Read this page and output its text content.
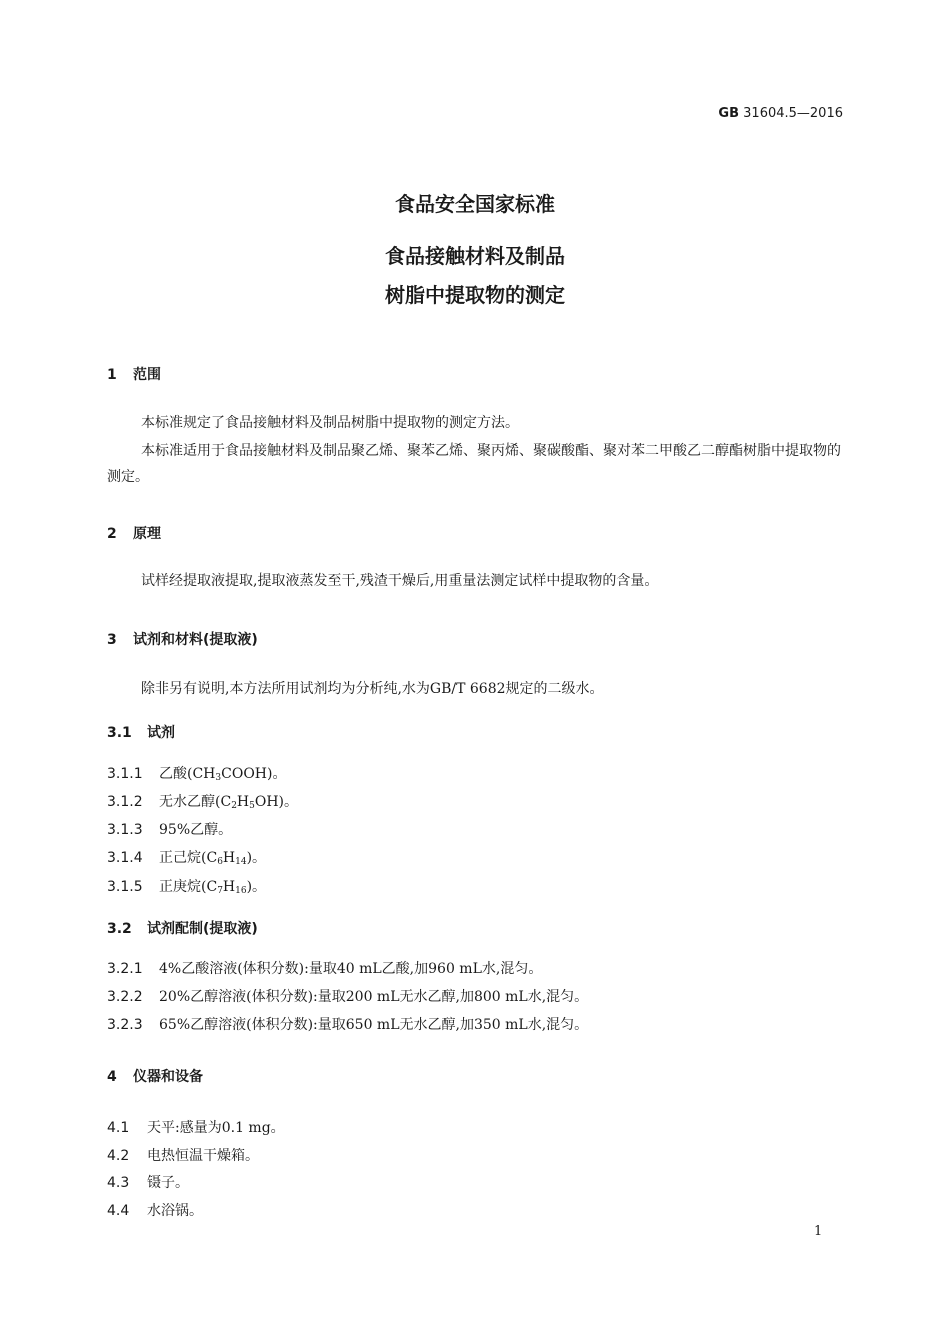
GB 31604.5—2016
食品安全国家标准
食品接触材料及制品
树脂中提取物的测定
1 范围
本标准规定了食品接触材料及制品树脂中提取物的测定方法。
本标准适用于食品接触材料及制品聚乙烯、聚苯乙烯、聚丙烯、聚碳酸酯、聚对苯二甲酸乙二醇酯树脂中提取物的测定。
2 原理
试样经提取液提取,提取液蒸发至干,残渣干燥后,用重量法测定试样中提取物的含量。
3 试剂和材料(提取液)
除非另有说明,本方法所用试剂均为分析纯,水为GB/T 6682规定的二级水。
3.1 试剂
3.1.1 乙酸$(CH_3COOH)$。
3.1.2 无水乙醇$(C_2H_5OH)$。
3.1.3 95%乙醇。
3.1.4 正己烷$(C_6H_{14})$。
3.1.5 正庚烷$(C_7H_{16})$。
3.2 试剂配制(提取液)
3.2.1 4%乙酸溶液(体积分数):量取40 mL乙酸,加960 mL水,混匀。
3.2.2 20%乙醇溶液(体积分数):量取200 mL无水乙醇,加800 mL水,混匀。
3.2.3 65%乙醇溶液(体积分数):量取650 mL无水乙醇,加350 mL水,混匀。
4 仪器和设备
4.1 天平:感量为0.1 mg。
4.2 电热恒温干燥箱。
4.3 镊子。
4.4 水浴锅。
1
